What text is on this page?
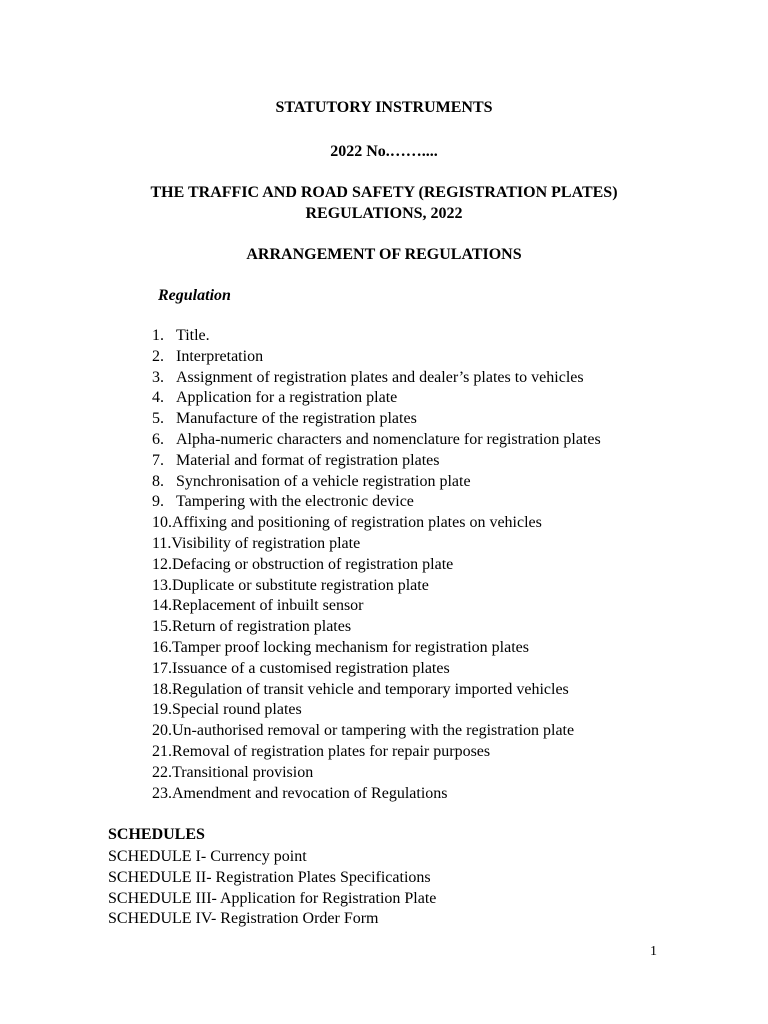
STATUTORY INSTRUMENTS
2022 No.……....
THE TRAFFIC AND ROAD SAFETY (REGISTRATION PLATES)
REGULATIONS, 2022
ARRANGEMENT OF REGULATIONS
Regulation
1. Title.
2. Interpretation
3. Assignment of registration plates and dealer’s plates to vehicles
4. Application for a registration plate
5. Manufacture of the registration plates
6.Alpha-numeric characters and nomenclature for registration plates
7. Material and format of registration plates
8. Synchronisation of a vehicle registration plate
9. Tampering with the electronic device
10.Affixing and positioning of registration plates on vehicles
11.Visibility of registration plate
12.Defacing or obstruction of registration plate
13.Duplicate or substitute registration plate
14.Replacement of inbuilt sensor
15.Return of registration plates
16.Tamper proof locking mechanism for registration plates
17.Issuance of a customised registration plates
18.Regulation of transit vehicle and temporary imported vehicles
19.Special round plates
20.Un-authorised removal or tampering with the registration plate
21.Removal of registration plates for repair purposes
22.Transitional provision
23.Amendment and revocation of Regulations
SCHEDULES
SCHEDULE I- Currency point
SCHEDULE II- Registration Plates Specifications
SCHEDULE III- Application for Registration Plate
SCHEDULE IV- Registration Order Form
1
